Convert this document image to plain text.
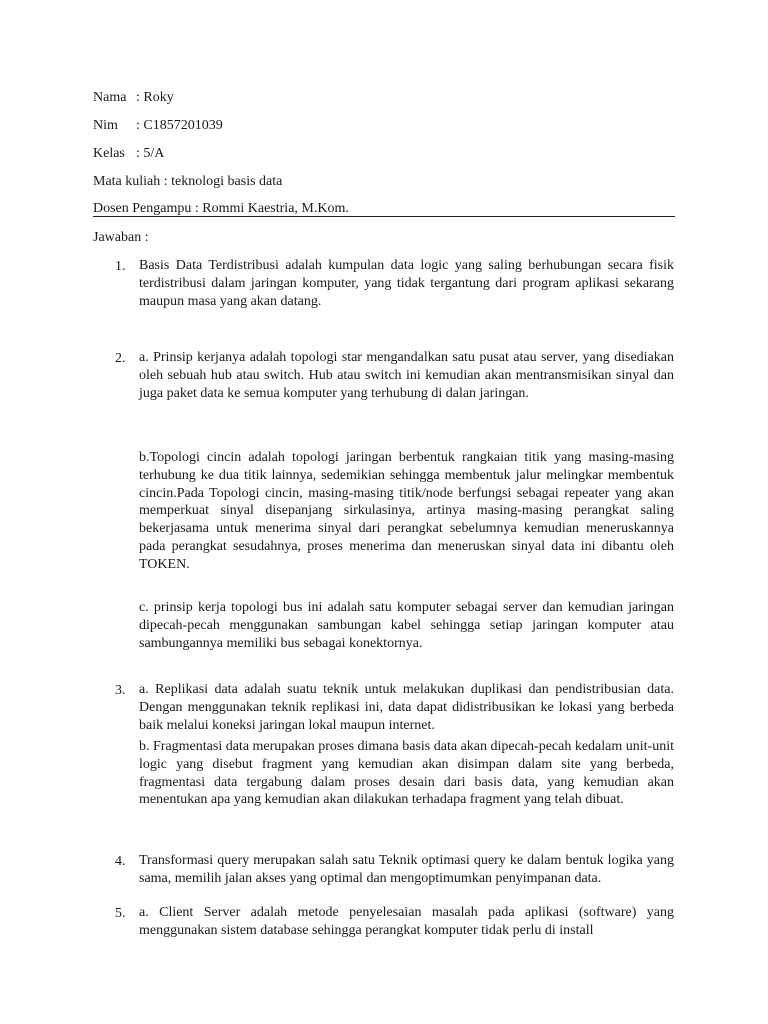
Nama : Roky
Nim : C1857201039
Kelas : 5/A
Mata kuliah : teknologi basis data
Dosen Pengampu : Rommi Kaestria, M.Kom.
Jawaban :
1. Basis Data Terdistribusi adalah kumpulan data logic yang saling berhubungan secara fisik terdistribusi dalam jaringan komputer, yang tidak tergantung dari program aplikasi sekarang maupun masa yang akan datang.
2. a. Prinsip kerjanya adalah topologi star mengandalkan satu pusat atau server, yang disediakan oleh sebuah hub atau switch. Hub atau switch ini kemudian akan mentransmisikan sinyal dan juga paket data ke semua komputer yang terhubung di dalan jaringan.
b.Topologi cincin adalah topologi jaringan berbentuk rangkaian titik yang masing-masing terhubung ke dua titik lainnya, sedemikian sehingga membentuk jalur melingkar membentuk cincin.Pada Topologi cincin, masing-masing titik/node berfungsi sebagai repeater yang akan memperkuat sinyal disepanjang sirkulasinya, artinya masing-masing perangkat saling bekerjasama untuk menerima sinyal dari perangkat sebelumnya kemudian meneruskannya pada perangkat sesudahnya, proses menerima dan meneruskan sinyal data ini dibantu oleh TOKEN.
c. prinsip kerja topologi bus ini adalah satu komputer sebagai server dan kemudian jaringan dipecah-pecah menggunakan sambungan kabel sehingga setiap jaringan komputer atau sambungannya memiliki bus sebagai konektornya.
3. a. Replikasi data adalah suatu teknik untuk melakukan duplikasi dan pendistribusian data. Dengan menggunakan teknik replikasi ini, data dapat didistribusikan ke lokasi yang berbeda baik melalui koneksi jaringan lokal maupun internet.
b. Fragmentasi data merupakan proses dimana basis data akan dipecah-pecah kedalam unit-unit logic yang disebut fragment yang kemudian akan disimpan dalam site yang berbeda, fragmentasi data tergabung dalam proses desain dari basis data, yang kemudian akan menentukan apa yang kemudian akan dilakukan terhadapa fragment yang telah dibuat.
4. Transformasi query merupakan salah satu Teknik optimasi query ke dalam bentuk logika yang sama, memilih jalan akses yang optimal dan mengoptimumkan penyimpanan data.
5. a. Client Server adalah metode penyelesaian masalah pada aplikasi (software) yang menggunakan sistem database sehingga perangkat komputer tidak perlu di install
